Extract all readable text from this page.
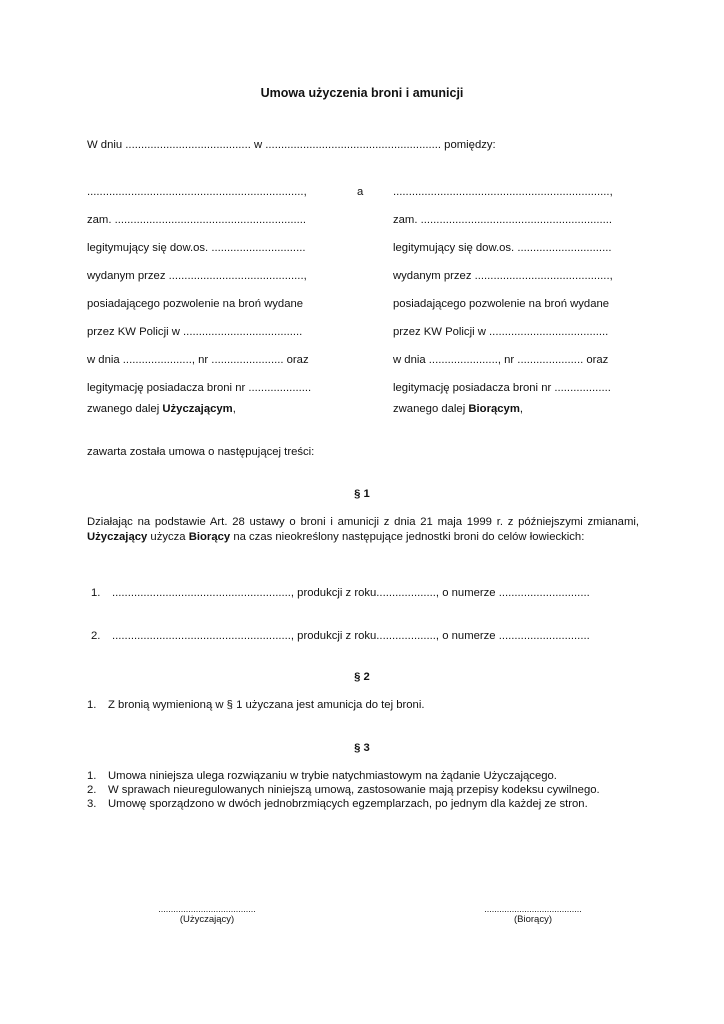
Umowa użyczenia broni i amunicji
W dniu ........................................ w ........................................................ pomiędzy:
.....................................................................,
zam. .............................................................
legitymujący się dow.os. ..............................
wydanym przez ...........................................,
posiadającego pozwolenie na broń wydane
przez KW Policji w ......................................
w dnia ......................, nr ....................... oraz
legitymację posiadacza broni nr ....................
zwanego dalej Użyczającym,
a	.....................................................................,
zam. .............................................................
legitymujący się dow.os. ..............................
wydanym przez ...........................................,
posiadającego pozwolenie na broń wydane
przez KW Policji w ......................................
w dnia ......................, nr ..................... oraz
legitymację posiadacza broni nr ..................
zwanego dalej Biorącym,
zawarta została umowa o następującej treści:
§ 1
Działając na podstawie Art. 28 ustawy o broni i amunicji z dnia 21 maja 1999 r. z późniejszymi zmianami, Użyczający użycza Biorący na czas nieokreślony następujące jednostki broni do celów łowieckich:
1. ........................................................., produkcji z roku..................., o numerze .............................
2. ........................................................., produkcji z roku..................., o numerze .............................
§ 2
1. Z bronią wymienioną w § 1 użyczana jest amunicja do tej broni.
§ 3
1. Umowa niniejsza ulega rozwiązaniu w trybie natychmiastowym na żądanie Użyczającego.
2. W sprawach nieuregulowanych niniejszą umową, zastosowanie mają przepisy kodeksu cywilnego.
3. Umowę sporządzono w dwóch jednobrzmiących egzemplarzach, po jednym dla każdej ze stron.
.......................................
(Użyczający)
.......................................
(Biorący)
